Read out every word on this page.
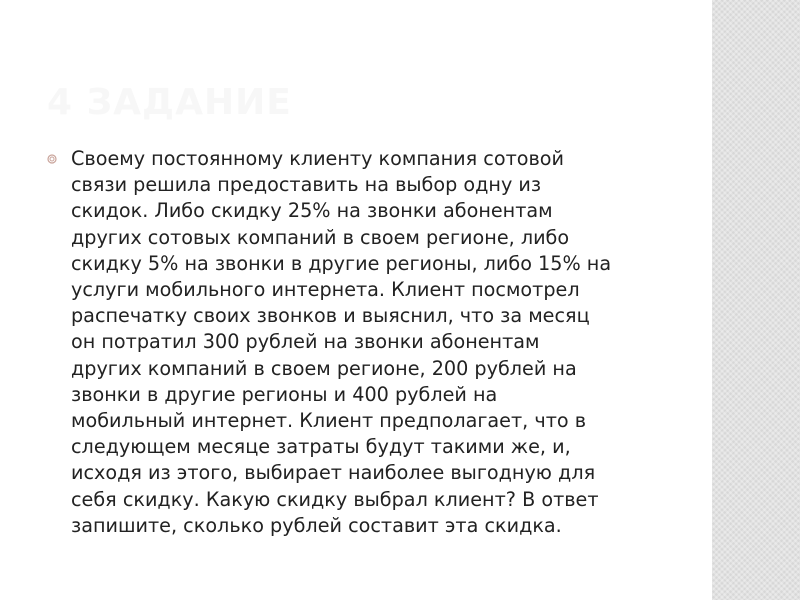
4 ЗАДАНИЕ
Своему постоянному клиенту компания сотовой
связи решила предоставить на выбор одну из
скидок. Либо скидку 25% на звонки абонентам
других сотовых компаний в своем регионе, либо
скидку 5% на звонки в другие регионы, либо 15% на
услуги мобильного интернета. Клиент посмотрел
распечатку своих звонков и выяснил, что за месяц
он потратил 300 рублей на звонки абонентам
других компаний в своем регионе, 200 рублей на
звонки в другие регионы и 400 рублей на
мобильный интернет. Клиент предполагает, что в
следующем месяце затраты будут такими же, и,
исходя из этого, выбирает наиболее выгодную для
себя скидку. Какую скидку выбрал клиент? В ответ
запишите, сколько рублей составит эта скидка.
